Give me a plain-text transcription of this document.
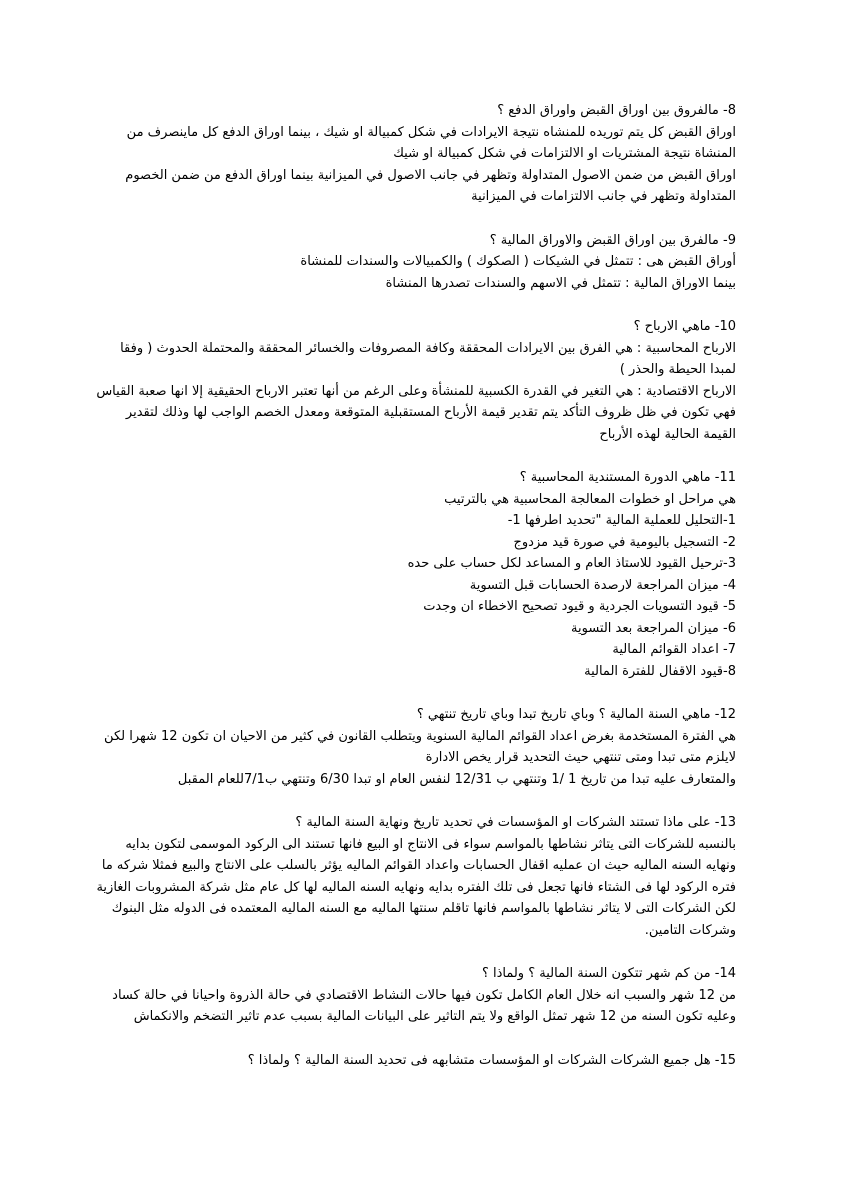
8- مالفروق بين اوراق القبض واوراق الدفع ؟
اوراق القبض كل يتم توريده للمنشاه نتيجة الايرادات في شكل كمبيالة او شيك ، بينما اوراق الدفع كل ماينصرف من المنشاة نتيجة المشتريات او الالتزامات في شكل كمبيالة او شيك
اوراق القبض من ضمن الاصول المتداولة وتظهر في جانب الاصول في الميزانية بينما اوراق الدفع من ضمن الخصوم المتداولة وتظهر في جانب الالتزامات في الميزانية
9- مالفرق بين اوراق القبض والاوراق المالية ؟
أوراق القبض هى : تتمثل في الشيكات ( الصكوك ) والكمبيالات والسندات للمنشاة
بينما الاوراق المالية : تتمثل في الاسهم والسندات تصدرها المنشاة
10- ماهي الارباح ؟
الارباح المحاسبية : هي الفرق بين الايرادات المحققة وكافة المصروفات والخسائر المحققة والمحتملة الحدوث ( وفقا لمبدا الحيطة والحذر )
الارباح الاقتصادية : هي التغير في القدرة الكسبية للمنشأة وعلى الرغم من أنها تعتبر الارباح الحقيقية إلا انها صعبة القياس فهي تكون في ظل ظروف التأكد يتم تقدير قيمة الأرباح المستقبلية المتوقعة ومعدل الخصم الواجب لها وذلك لتقدير القيمة الحالية لهذه الأرباح
11- ماهي الدورة المستندية المحاسبية ؟
هي مراحل او خطوات المعالجة المحاسبية هي بالترتيب
1-التحليل للعملية المالية "تحديد اطرفها 1-
2- التسجيل باليومية في صورة قيد مزدوج
3-ترحيل القيود للاستاذ العام و المساعد لكل حساب على حده
4- ميزان المراجعة لارصدة الحسابات قبل التسوية
5- قيود التسويات الجردية و قيود تصحيح الاخطاء ان وجدت
6- ميزان المراجعة بعد التسوية
7- اعداد القوائم المالية
8-قيود الاقفال للفترة المالية
12- ماهي السنة المالية ؟ وباي تاريخ تبدا وباي تاريخ تنتهي ؟
هي الفترة المستخدمة بغرض اعداد القوائم المالية السنوية ويتطلب القانون في كثير من الاحيان ان تكون 12 شهرا لكن لايلزم متى تبدا ومتى تنتهي حيث التحديد قرار يخص الادارة
والمتعارف عليه تبدا من تاريخ 1 /1 وتنتهي ب 12/31 لنفس العام او تبدا 6/30 وتنتهي ب7/1للعام المقبل
13- على ماذا تستند الشركات او المؤسسات في تحديد تاريخ ونهاية السنة المالية ؟
بالنسبه للشركات التى يتاثر نشاطها بالمواسم سواء فى الانتاج او البيع فانها تستند الى الركود الموسمى لتكون بدايه ونهايه السنه الماليه حيث ان عمليه اقفال الحسابات واعداد القوائم الماليه يؤثر بالسلب على الانتاج والبيع فمثلا شركه ما فتره الركود لها فى الشتاء فانها تجعل فى تلك الفتره بدايه ونهايه السنه الماليه لها كل عام مثل شركة المشروبات الغازية
لكن الشركات التى لا يتاثر نشاطها بالمواسم فانها تاقلم سنتها الماليه مع السنه الماليه المعتمده فى الدوله مثل البنوك وشركات التامين.
14- من كم شهر تتكون السنة المالية ؟ ولماذا ؟
من 12 شهر والسبب انه خلال العام الكامل تكون فيها حالات النشاط الاقتصادي في حالة الذروة واحيانا في حالة كساد وعليه تكون السنه من 12 شهر تمثل الواقع ولا يتم التاثير على البيانات المالية بسبب عدم تاثير التضخم والانكماش
15- هل جميع الشركات الشركات او المؤسسات متشابهه فى تحديد السنة المالية ؟ ولماذا ؟
